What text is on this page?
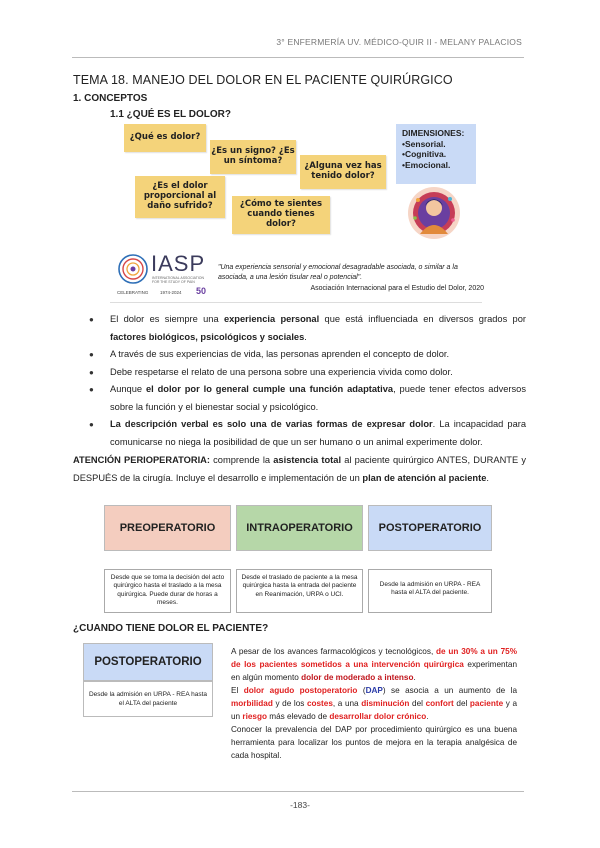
3° ENFERMERÍA UV. MÉDICO-QUIR II - MELANY PALACIOS
TEMA 18. MANEJO DEL DOLOR EN EL PACIENTE QUIRÚRGICO
1. CONCEPTOS
1.1 ¿QUÉ ES EL DOLOR?
¿Qué es dolor?
¿Es un signo? ¿Es un síntoma?
¿Alguna vez has tenido dolor?
¿Es el dolor proporcional al daño sufrido?	¿Cómo te sientes cuando tienes dolor?
DIMENSIONES:
•Sensorial.
•Cognitiva.
•Emocional.
IASP
INTERNATIONAL ASSOCIATION FOR THE STUDY OF PAIN
CELEBRATING	1974-2024 50
"Una experiencia sensorial y emocional desagradable asociada, o similar a la asociada, a una lesión tisular real o potencial".
Asociación Internacional para el Estudio del Dolor, 2020
● El dolor es siempre una experiencia personal que está influenciada en diversos grados por factores biológicos, psicológicos y sociales.
● A través de sus experiencias de vida, las personas aprenden el concepto de dolor.
● Debe respetarse el relato de una persona sobre una experiencia vivida como dolor.
● Aunque el dolor por lo general cumple una función adaptativa, puede tener efectos adversos sobre la función y el bienestar social y psicológico.
● La descripción verbal es solo una de varias formas de expresar dolor. La incapacidad para comunicarse no niega la posibilidad de que un ser humano o un animal experimente dolor.
ATENCIÓN PERIOPERATORIA: comprende la asistencia total al paciente quirúrgico ANTES, DURANTE y DESPUÉS de la cirugía. Incluye el desarrollo e implementación de un plan de atención al paciente.
PREOPERATORIO	INTRAOPERATORIO	POSTOPERATORIO
Desde que se toma la decisión del acto quirúrgico hasta el traslado a la mesa quirúrgica. Puede durar de horas a meses.
Desde el traslado de paciente a la mesa quirúrgica hasta la entrada del paciente en Reanimación, URPA o UCI.
Desde la admisión en URPA - REA hasta el ALTA del paciente.
¿CUANDO TIENE DOLOR EL PACIENTE?
POSTOPERATORIO
Desde la admisión en URPA - REA hasta el ALTA del paciente
A pesar de los avances farmacológicos y tecnológicos, de un 30% a un 75% de los pacientes sometidos a una intervención quirúrgica experimentan en algún momento dolor de moderado a intenso.
El dolor agudo postoperatorio (DAP) se asocia a un aumento de la morbilidad y de los costes, a una disminución del confort del paciente y a un riesgo más elevado de desarrollar dolor crónico.
Conocer la prevalencia del DAP por procedimiento quirúrgico es una buena herramienta para localizar los puntos de mejora en la terapia analgésica de cada hospital.
-183-
